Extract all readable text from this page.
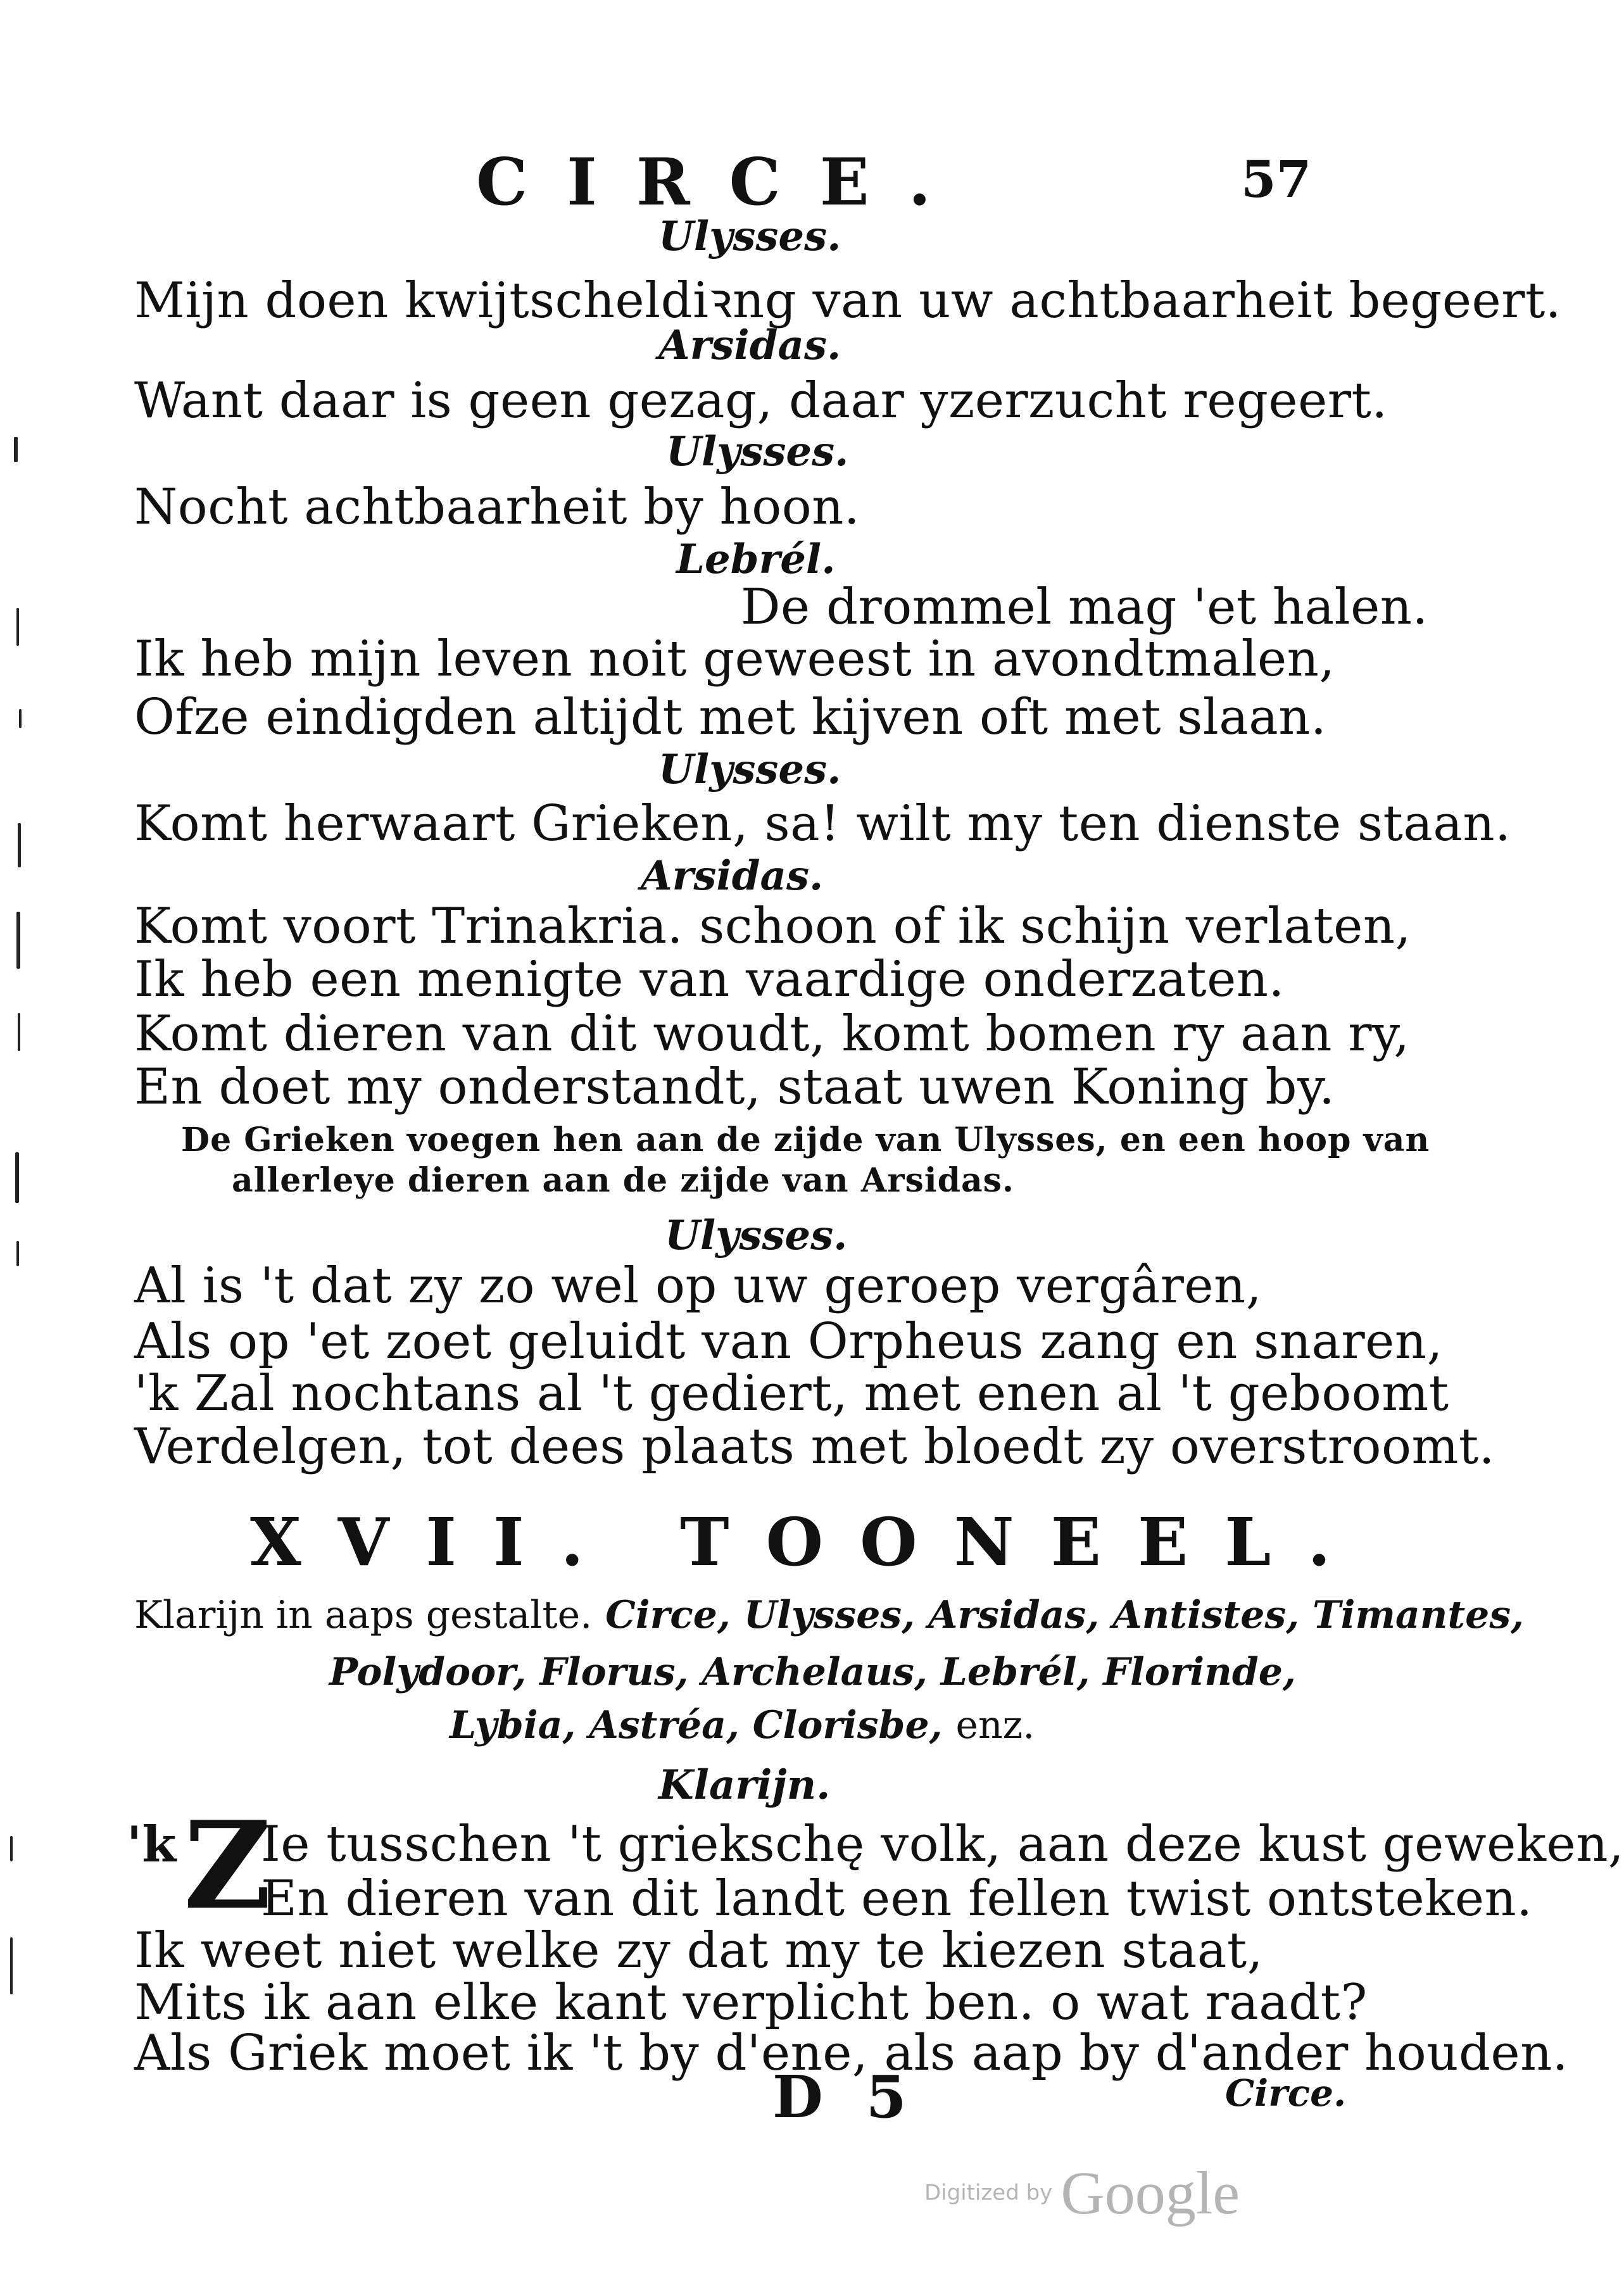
CIRCE.	57
Ulysses.
Mijn doen kwijtscheldiꝛng van uw achtbaarheit begeert.
Arsidas.
Want daar is geen gezag, daar yzerzucht regeert.
Ulysses.
Nocht achtbaarheit by hoon.
Lebrél.
De drommel mag 'et halen.
Ik heb mijn leven noit geweest in avondtmalen,
Ofze eindigden altijdt met kijven oft met slaan.
Ulysses.
Komt herwaart Grieken, sa! wilt my ten dienste staan.
Arsidas.
Komt voort Trinakria. schoon of ik schijn verlaten,
Ik heb een menigte van vaardige onderzaten.
Komt dieren van dit woudt, komt bomen ry aan ry,
En doet my onderstandt, staat uwen Koning by.
De Grieken voegen hen aan de zijde van Ulysses, en een hoop van
allerleye dieren aan de zijde van Arsidas.
Ulysses.
Al is 't dat zy zo wel op uw geroep vergâren,
Als op 'et zoet geluidt van Orpheus zang en snaren,
'k Zal nochtans al 't gediert, met enen al 't geboomt
Verdelgen, tot dees plaats met bloedt zy overstroomt.
XVII. TOONEEL.
Klarijn in aaps gestalte. Circe, Ulysses, Arsidas, Antistes, Timantes,
Polydoor, Florus, Archelaus, Lebrél, Florinde,
Lybia, Astréa, Clorisbe, enz.
Klarijn.
'k Z
Ie tusschen 't griekschę volk, aan deze kust geweken,
En dieren van dit landt een fellen twist ontsteken.
Ik weet niet welke zy dat my te kiezen staat,
Mits ik aan elke kant verplicht ben. o wat raadt?
Als Griek moet ik 't by d'ene, als aap by d'ander houden.
D 5	Circe.
Digitized by Google
